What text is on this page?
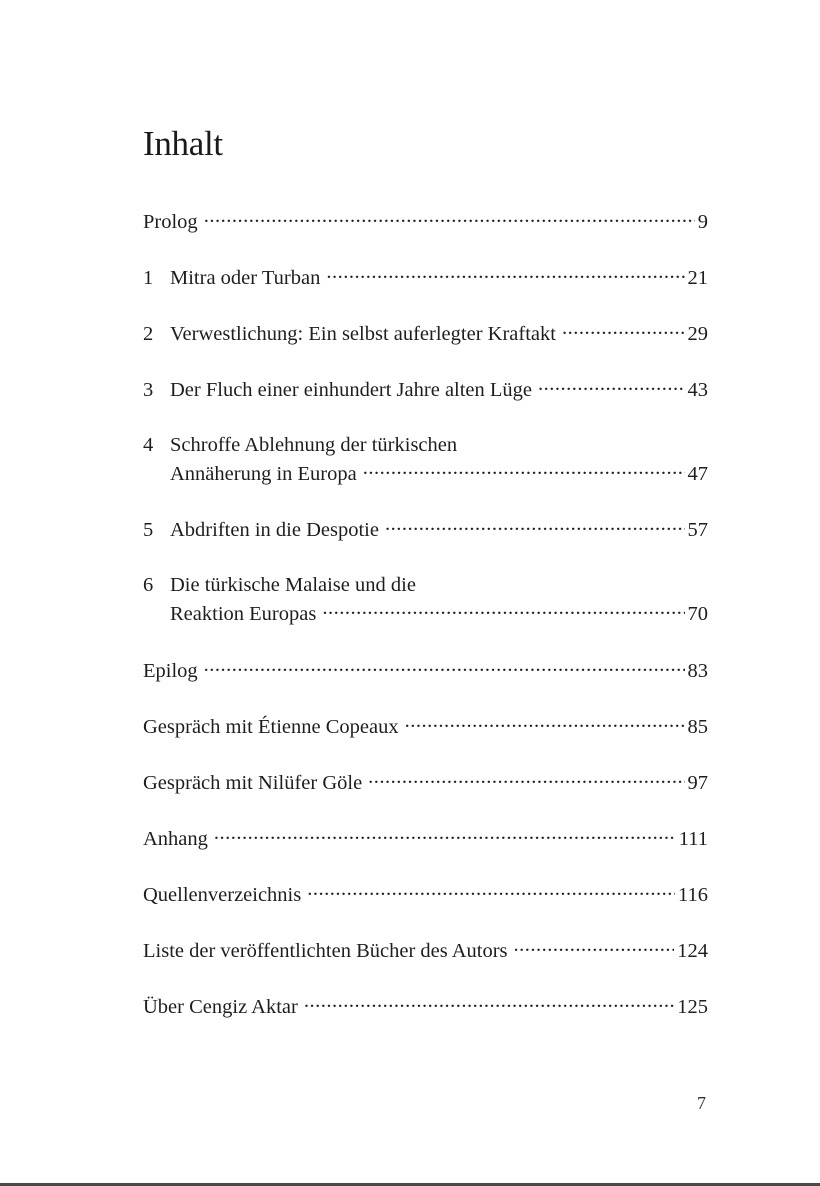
Inhalt
Prolog .....	9
1 Mitra oder Turban .....	21
2 Verwestlichung: Ein selbst auferlegter Kraftakt .....	29
3 Der Fluch einer einhundert Jahre alten Lüge .....	43
4 Schroffe Ablehnung der türkischen
Annäherung in Europa .....	47
5 Abdriften in die Despotie .....	57
6 Die türkische Malaise und die
Reaktion Europas .....	70
Epilog .....	83
Gespräch mit Étienne Copeaux .....	85
Gespräch mit Nilüfer Göle .....	97
Anhang .....	111
Quellenverzeichnis .....	116
Liste der veröffentlichten Bücher des Autors .....	124
Über Cengiz Aktar .....	125
7
